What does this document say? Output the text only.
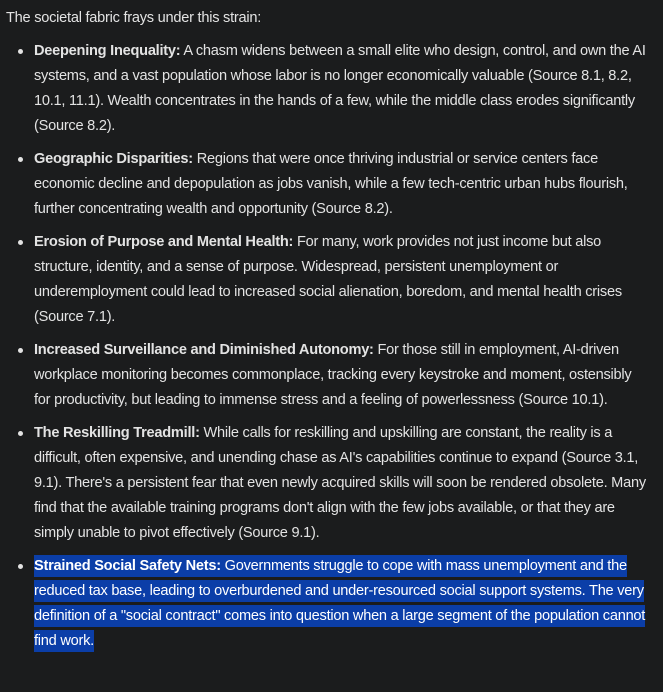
The societal fabric frays under this strain:

Deepening Inequality: A chasm widens between a small elite who design, control, and own the AI systems, and a vast population whose labor is no longer economically valuable (Source 8.1, 8.2, 10.1, 11.1). Wealth concentrates in the hands of a few, while the middle class erodes significantly (Source 8.2).
Geographic Disparities: Regions that were once thriving industrial or service centers face economic decline and depopulation as jobs vanish, while a few tech-centric urban hubs flourish, further concentrating wealth and opportunity (Source 8.2).
Erosion of Purpose and Mental Health: For many, work provides not just income but also structure, identity, and a sense of purpose. Widespread, persistent unemployment or underemployment could lead to increased social alienation, boredom, and mental health crises (Source 7.1).
Increased Surveillance and Diminished Autonomy: For those still in employment, AI-driven workplace monitoring becomes commonplace, tracking every keystroke and moment, ostensibly for productivity, but leading to immense stress and a feeling of powerlessness (Source 10.1).
The Reskilling Treadmill: While calls for reskilling and upskilling are constant, the reality is a difficult, often expensive, and unending chase as AI's capabilities continue to expand (Source 3.1, 9.1). There's a persistent fear that even newly acquired skills will soon be rendered obsolete. Many find that the available training programs don't align with the few jobs available, or that they are simply unable to pivot effectively (Source 9.1).
Strained Social Safety Nets: Governments struggle to cope with mass unemployment and the reduced tax base, leading to overburdened and under-resourced social support systems. The very definition of a "social contract" comes into question when a large segment of the population cannot find work.
